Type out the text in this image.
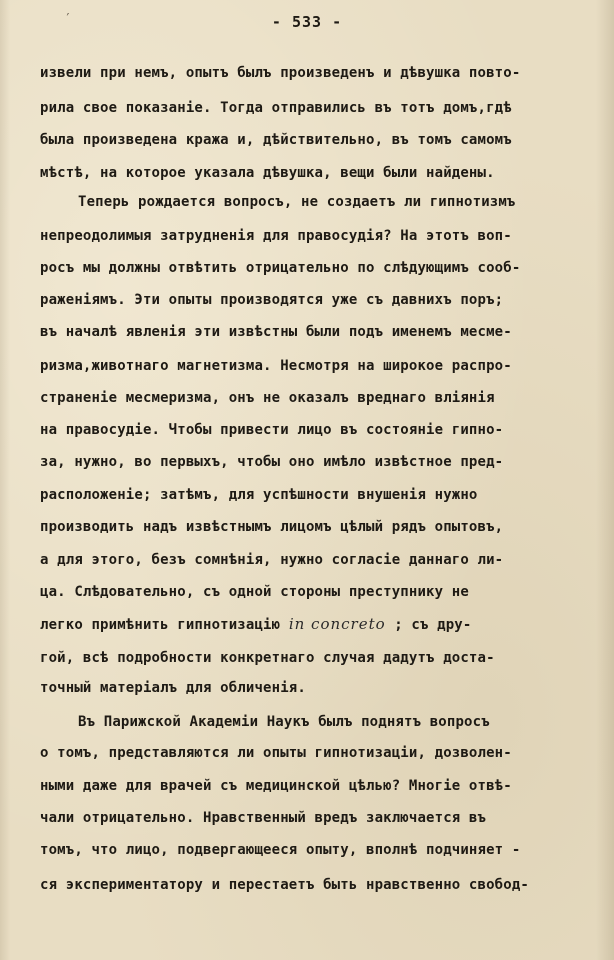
′	- 533 -
извели при немъ, опытъ былъ произведенъ и дѣвушка повто-
рила свое показаніе. Тогда отправились въ тотъ домъ,гдѣ
была произведена кража и, дѣйствительно, въ томъ самомъ
мѣстѣ, на которое указала дѣвушка, вещи были найдены.
Теперь рождается вопросъ, не создаетъ ли гипнотизмъ
непреодолимыя затрудненія для правосудія? На этотъ воп-
росъ мы должны отвѣтить отрицательно по слѣдующимъ сооб-
раженіямъ. Эти опыты производятся уже съ давнихъ поръ;
въ началѣ явленія эти извѣстны были подъ именемъ месме-
ризма,животнаго магнетизма. Несмотря на широкое распро-
страненіе месмеризма, онъ не оказалъ вреднаго вліянія
на правосудіе. Чтобы привести лицо въ состояніе гипно-
за, нужно, во первыхъ, чтобы оно имѣло извѣстное пред-
расположеніе; затѣмъ, для успѣшности внушенія нужно
производить надъ извѣстнымъ лицомъ цѣлый рядъ опытовъ,
а для этого, безъ сомнѣнія, нужно согласіе даннаго ли-
ца. Слѣдовательно, съ одной стороны преступнику не
легко примѣнить гипнотизацію in concreto ; съ дру-
гой, всѣ подробности конкретнаго случая дадутъ доста-
точный матеріалъ для обличенія.
Въ Парижской Академіи Наукъ былъ поднятъ вопросъ
о томъ, представляются ли опыты гипнотизаціи, дозволен-
ными даже для врачей съ медицинской цѣлью? Многіе отвѣ-
чали отрицательно. Нравственный вредъ заключается въ
томъ, что лицо, подвергающееся опыту, вполнѣ подчиняет -
ся экспериментатору и перестаетъ быть нравственно свобод-
